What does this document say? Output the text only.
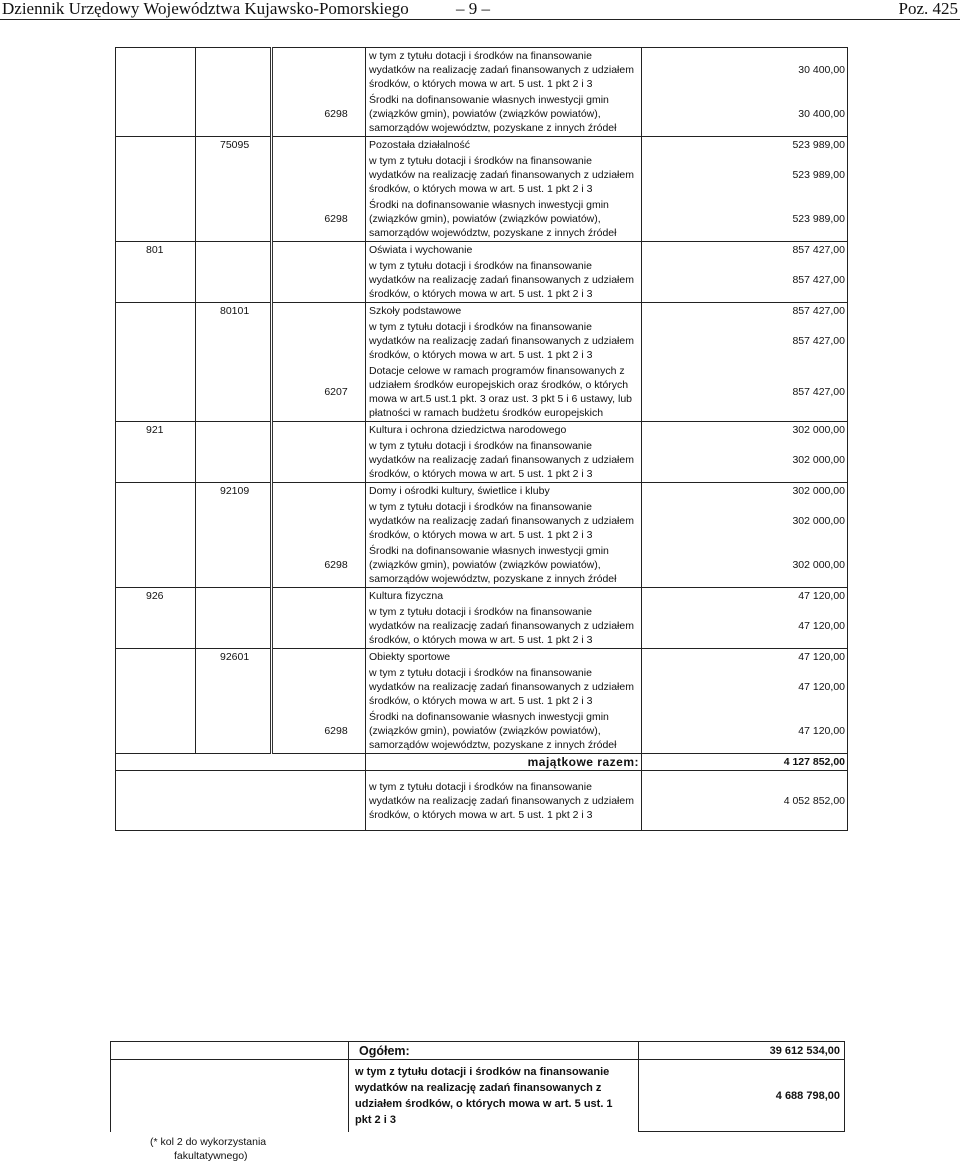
Dziennik Urzędowy Województwa Kujawsko-Pomorskiego	– 9 –	Poz. 425
			w tym z tytułu dotacji i środków na finansowanie wydatków na realizację zadań finansowanych z udziałem środków, o których mowa w art. 5 ust. 1 pkt 2 i 3	30 400,00
		6298	Środki na dofinansowanie własnych inwestycji gmin (związków gmin), powiatów (związków powiatów), samorządów województw, pozyskane z innych źródeł	30 400,00
	75095		Pozostała działalność	523 989,00
			w tym z tytułu dotacji i środków na finansowanie wydatków na realizację zadań finansowanych z udziałem środków, o których mowa w art. 5 ust. 1 pkt 2 i 3	523 989,00
		6298	Środki na dofinansowanie własnych inwestycji gmin (związków gmin), powiatów (związków powiatów), samorządów województw, pozyskane z innych źródeł	523 989,00
801			Oświata i wychowanie	857 427,00
			w tym z tytułu dotacji i środków na finansowanie wydatków na realizację zadań finansowanych z udziałem środków, o których mowa w art. 5 ust. 1 pkt 2 i 3	857 427,00
	80101		Szkoły podstawowe	857 427,00
			w tym z tytułu dotacji i środków na finansowanie wydatków na realizację zadań finansowanych z udziałem środków, o których mowa w art. 5 ust. 1 pkt 2 i 3	857 427,00
		6207	Dotacje celowe w ramach programów finansowanych z udziałem środków europejskich oraz środków, o których mowa w art.5 ust.1 pkt. 3 oraz ust. 3 pkt 5 i 6 ustawy, lub płatności w ramach budżetu środków europejskich	857 427,00
921			Kultura i ochrona dziedzictwa narodowego	302 000,00
			w tym z tytułu dotacji i środków na finansowanie wydatków na realizację zadań finansowanych z udziałem środków, o których mowa w art. 5 ust. 1 pkt 2 i 3	302 000,00
	92109		Domy i ośrodki kultury, świetlice i kluby	302 000,00
			w tym z tytułu dotacji i środków na finansowanie wydatków na realizację zadań finansowanych z udziałem środków, o których mowa w art. 5 ust. 1 pkt 2 i 3	302 000,00
		6298	Środki na dofinansowanie własnych inwestycji gmin (związków gmin), powiatów (związków powiatów), samorządów województw, pozyskane z innych źródeł	302 000,00
926			Kultura fizyczna	47 120,00
			w tym z tytułu dotacji i środków na finansowanie wydatków na realizację zadań finansowanych z udziałem środków, o których mowa w art. 5 ust. 1 pkt 2 i 3	47 120,00
	92601		Obiekty sportowe	47 120,00
			w tym z tytułu dotacji i środków na finansowanie wydatków na realizację zadań finansowanych z udziałem środków, o których mowa w art. 5 ust. 1 pkt 2 i 3	47 120,00
		6298	Środki na dofinansowanie własnych inwestycji gmin (związków gmin), powiatów (związków powiatów), samorządów województw, pozyskane z innych źródeł	47 120,00
			majątkowe razem:	4 127 852,00
			w tym z tytułu dotacji i środków na finansowanie wydatków na realizację zadań finansowanych z udziałem środków, o których mowa w art. 5 ust. 1 pkt 2 i 3	4 052 852,00
	Ogółem:	39 612 534,00
	w tym z tytułu dotacji i środków na finansowanie wydatków na realizację zadań finansowanych z udziałem środków, o których mowa w art. 5 ust. 1 pkt 2 i 3	4 688 798,00
(* kol 2 do wykorzystania
fakultatywnego)
